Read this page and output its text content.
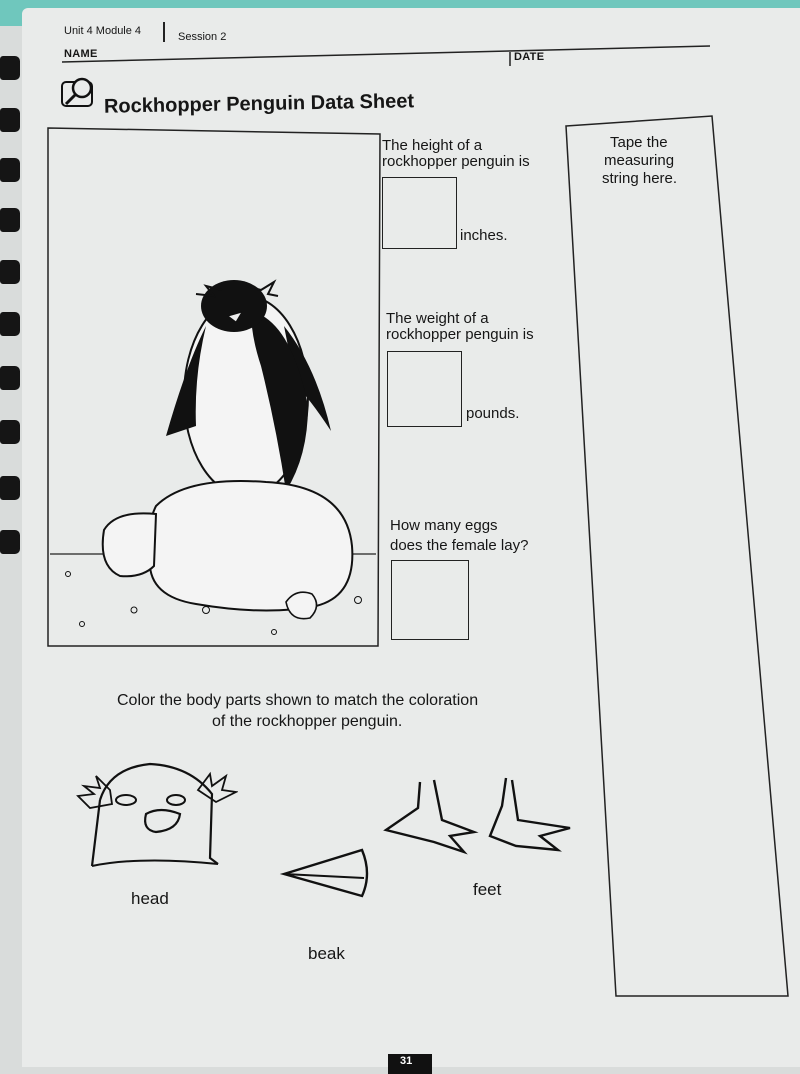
Unit 4 Module 4	Session 2
NAME	DATE
Rockhopper Penguin Data Sheet
The height of a
rockhopper penguin is
inches.
The weight of a
rockhopper penguin is
pounds.
How many eggs
does the female lay?
Tape the
measuring
string here.
Color the body parts shown to match the coloration
of the rockhopper penguin.
head
beak
feet
31
